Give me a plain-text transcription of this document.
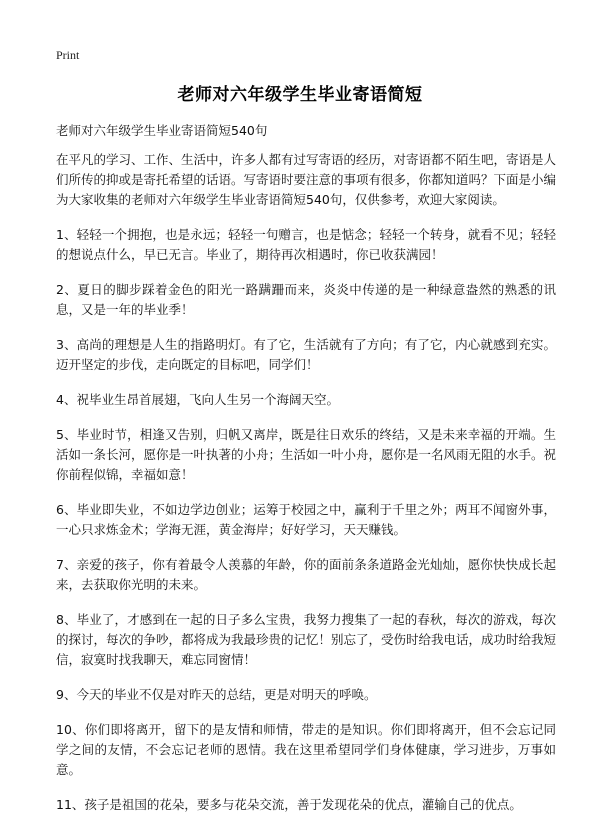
Print
老师对六年级学生毕业寄语简短
老师对六年级学生毕业寄语简短540句

在平凡的学习、工作、生活中，许多人都有过写寄语的经历，对寄语都不陌生吧，寄语是人们所传的抑或是寄托希望的话语。写寄语时要注意的事项有很多，你都知道吗？下面是小编为大家收集的老师对六年级学生毕业寄语简短540句，仅供参考，欢迎大家阅读。

1、轻轻一个拥抱，也是永远；轻轻一句赠言，也是惦念；轻轻一个转身，就看不见；轻轻的想说点什么，早已无言。毕业了，期待再次相遇时，你已收获满园！

2、夏日的脚步踩着金色的阳光一路蹒跚而来，炎炎中传递的是一种绿意盎然的熟悉的讯息，又是一年的毕业季！

3、高尚的理想是人生的指路明灯。有了它，生活就有了方向；有了它，内心就感到充实。迈开坚定的步伐，走向既定的目标吧，同学们！

4、祝毕业生昂首展翅，飞向人生另一个海阔天空。

5、毕业时节，相逢又告别，归帆又离岸，既是往日欢乐的终结，又是未来幸福的开端。生活如一条长河，愿你是一叶执著的小舟；生活如一叶小舟，愿你是一名风雨无阻的水手。祝你前程似锦，幸福如意！

6、毕业即失业，不如边学边创业；运筹于校园之中，赢利于千里之外；两耳不闻窗外事，一心只求炼金术；学海无涯，黄金海岸；好好学习，天天赚钱。

7、亲爱的孩子，你有着最令人羡慕的年龄，你的面前条条道路金光灿灿，愿你快快成长起来，去获取你光明的未来。

8、毕业了，才感到在一起的日子多么宝贵，我努力搜集了一起的春秋，每次的游戏，每次的探讨，每次的争吵，都将成为我最珍贵的记忆！别忘了，受伤时给我电话，成功时给我短信，寂寞时找我聊天，难忘同窗情！

9、今天的毕业不仅是对昨天的总结，更是对明天的呼唤。

10、你们即将离开，留下的是友情和师情，带走的是知识。你们即将离开，但不会忘记同学之间的友情，不会忘记老师的恩情。我在这里希望同学们身体健康，学习进步，万事如意。

11、孩子是祖国的花朵，要多与花朵交流，善于发现花朵的优点，灌输自己的优点。
